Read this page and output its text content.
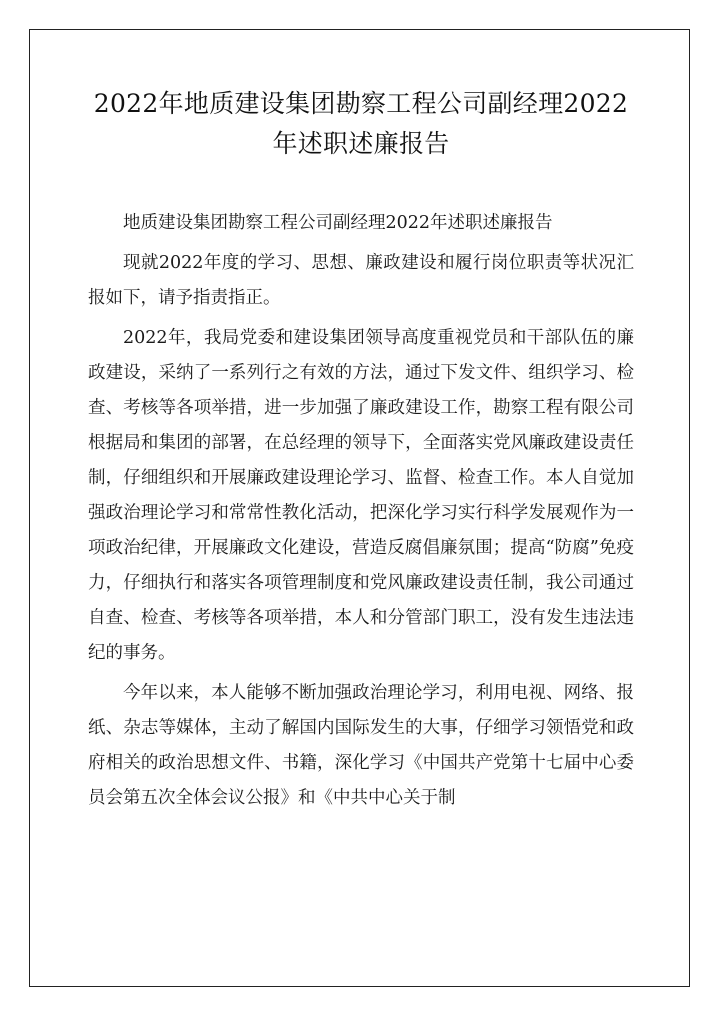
2022年地质建设集团勘察工程公司副经理2022年述职述廉报告

地质建设集团勘察工程公司副经理2022年述职述廉报告

现就2022年度的学习、思想、廉政建设和履行岗位职责等状况汇报如下，请予指责指正。

2022年，我局党委和建设集团领导高度重视党员和干部队伍的廉政建设，采纳了一系列行之有效的方法，通过下发文件、组织学习、检查、考核等各项举措，进一步加强了廉政建设工作，勘察工程有限公司根据局和集团的部署，在总经理的领导下，全面落实党风廉政建设责任制，仔细组织和开展廉政建设理论学习、监督、检查工作。本人自觉加强政治理论学习和常常性教化活动，把深化学习实行科学发展观作为一项政治纪律，开展廉政文化建设，营造反腐倡廉氛围；提高“防腐”免疫力，仔细执行和落实各项管理制度和党风廉政建设责任制，我公司通过自查、检查、考核等各项举措，本人和分管部门职工，没有发生违法违纪的事务。

今年以来，本人能够不断加强政治理论学习，利用电视、网络、报纸、杂志等媒体，主动了解国内国际发生的大事，仔细学习领悟党和政府相关的政治思想文件、书籍，深化学习《中国共产党第十七届中心委员会第五次全体会议公报》和《中共中心关于制
